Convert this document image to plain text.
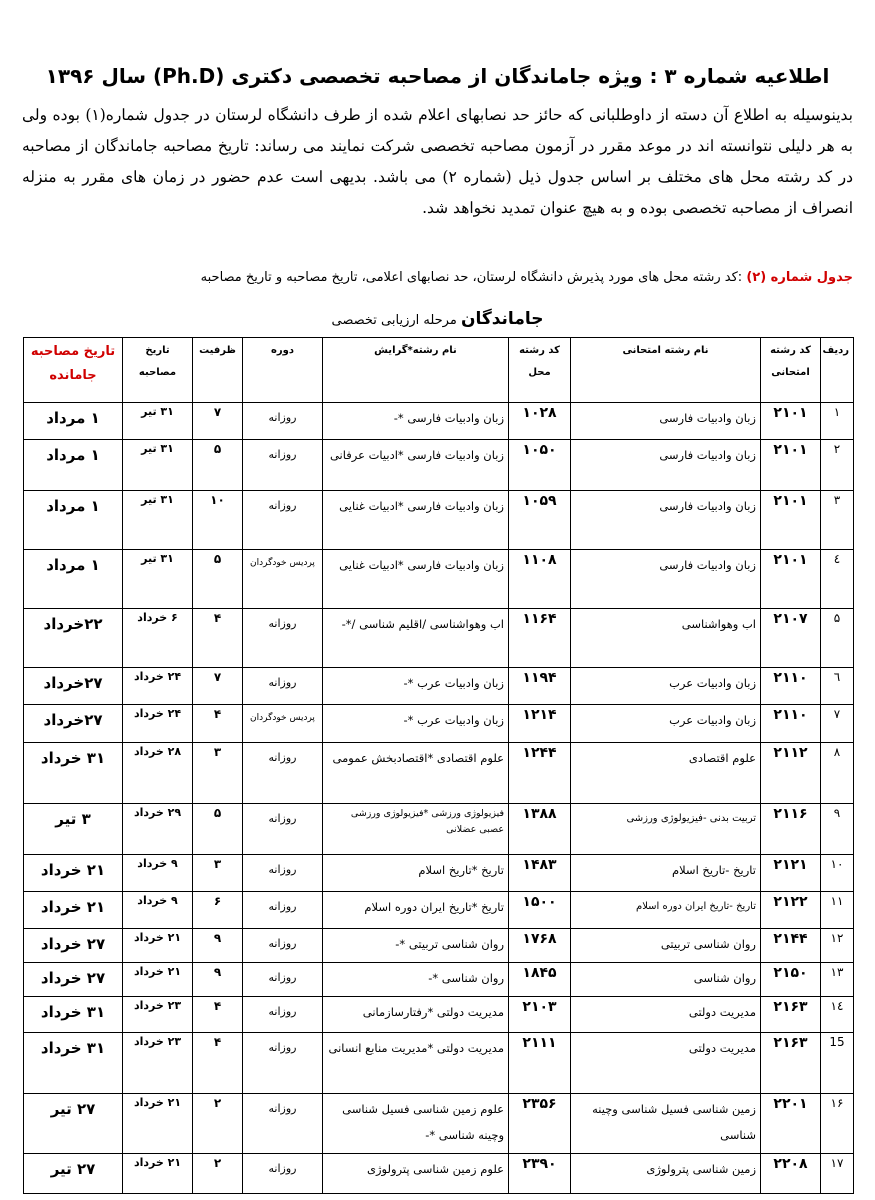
اطلاعیه شماره ۳ : ویژه جاماندگان از مصاحبه تخصصی دکتری (Ph.D) سال ۱۳۹۶
بدینوسیله به اطلاع آن دسته از داوطلبانی که حائز حد نصابهای اعلام شده از طرف دانشگاه لرستان در جدول شماره(۱) بوده ولی به هر دلیلی نتوانسته اند در موعد مقرر در آزمون مصاحبه تخصصی شرکت نمایند می رساند: تاریخ مصاحبه جاماندگان از مصاحبه در کد رشته محل های مختلف بر اساس جدول ذیل (شماره ۲) می باشد. بدیهی است عدم حضور در زمان های مقرر به منزله انصراف از مصاحبه تخصصی بوده و به هیچ عنوان تمدید نخواهد شد.
جدول شماره (۲) :کد رشته محل های مورد پذیرش دانشگاه لرستان، حد نصابهای اعلامی، تاریخ مصاحبه و تاریخ مصاحبه
جاماندگان مرحله ارزیابی تخصصی
ردیف	کد رشته امتحانی	نام رشته امتحانی	کد رشته محل	نام رشته*گرایش	دوره	ظرفیت	تاریخ مصاحبه	تاریخ مصاحبه جامانده
۱	۲۱۰۱	زبان وادبیات فارسی	۱۰۲۸	زبان وادبیات فارسی *-	روزانه	۷	۳۱ تیر	۱ مرداد
۲	۲۱۰۱	زبان وادبیات فارسی	۱۰۵۰	زبان وادبیات فارسی *ادبیات عرفانی	روزانه	۵	۳۱ تیر	۱ مرداد
۳	۲۱۰۱	زبان وادبیات فارسی	۱۰۵۹	زبان وادبیات فارسی *ادبیات غنایی	روزانه	۱۰	۳۱ تیر	۱ مرداد
٤	۲۱۰۱	زبان وادبیات فارسی	۱۱۰۸	زبان وادبیات فارسی *ادبیات غنایی	پردیس خودگردان	۵	۳۱ تیر	۱ مرداد
۵	۲۱۰۷	اب وهواشناسی	۱۱۶۴	اب وهواشناسی /اقلیم شناسی /*-	روزانه	۴	۶ خرداد	۲۲خرداد
٦	۲۱۱۰	زبان وادبیات عرب	۱۱۹۴	زبان وادبیات عرب *-	روزانه	۷	۲۴ خرداد	۲۷خرداد
۷	۲۱۱۰	زبان وادبیات عرب	۱۲۱۴	زبان وادبیات عرب *-	پردیس خودگردان	۴	۲۴ خرداد	۲۷خرداد
۸	۲۱۱۲	علوم اقتصادی	۱۲۴۴	علوم اقتصادی *اقتصادبخش عمومی	روزانه	۳	۲۸ خرداد	۳۱ خرداد
۹	۲۱۱۶	تربیت بدنی -فیزیولوژی ورزشی	۱۳۸۸	فیزیولوژی ورزشی *فیزیولوژی ورزشی عصبی عضلانی	روزانه	۵	۲۹ خرداد	۳ تیر
۱۰	۲۱۲۱	تاریخ -تاریخ اسلام	۱۴۸۳	تاریخ *تاریخ اسلام	روزانه	۳	۹ خرداد	۲۱ خرداد
۱۱	۲۱۲۲	تاریخ -تاریخ ایران دوره اسلام	۱۵۰۰	تاریخ *تاریخ ایران دوره اسلام	روزانه	۶	۹ خرداد	۲۱ خرداد
۱۲	۲۱۴۴	روان شناسی تربیتی	۱۷۶۸	روان شناسی تربیتی *-	روزانه	۹	۲۱ خرداد	۲۷ خرداد
۱۳	۲۱۵۰	روان شناسی	۱۸۴۵	روان شناسی *-	روزانه	۹	۲۱ خرداد	۲۷ خرداد
١٤	۲۱۶۳	مدیریت دولتی	۲۱۰۳	مدیریت دولتی *رفتارسازمانی	روزانه	۴	۲۳ خرداد	۳۱ خرداد
15	۲۱۶۳	مدیریت دولتی	۲۱۱۱	مدیریت دولتی *مدیریت منابع انسانی	روزانه	۴	۲۳ خرداد	۳۱ خرداد
۱۶	۲۲۰۱	زمین شناسی فسیل شناسی وچینه شناسی	۲۳۵۶	علوم زمین شناسی فسیل شناسی وچینه شناسی *-	روزانه	۲	۲۱ خرداد	۲۷ تیر
۱۷	۲۲۰۸	زمین شناسی پترولوژی	۲۳۹۰	علوم زمین شناسی پترولوژی	روزانه	۲	۲۱ خرداد	۲۷ تیر
